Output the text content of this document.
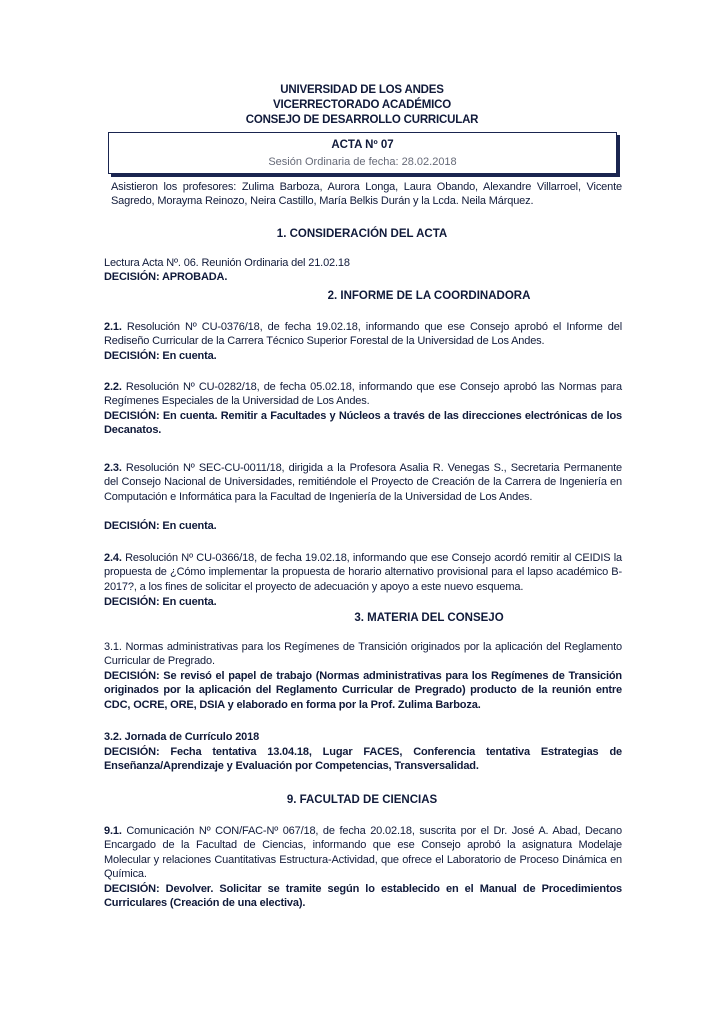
UNIVERSIDAD DE LOS ANDES
VICERRECTORADO ACADÉMICO
CONSEJO DE DESARROLLO CURRICULAR
ACTA Nº 07
Sesión Ordinaria de fecha: 28.02.2018
Asistieron los profesores: Zulima Barboza, Aurora Longa, Laura Obando, Alexandre Villarroel, Vicente Sagredo, Morayma Reinozo, Neira Castillo, María Belkis Durán y la Lcda. Neila Márquez.
1. CONSIDERACIÓN DEL ACTA
Lectura Acta Nº. 06. Reunión Ordinaria del 21.02.18
DECISIÓN: APROBADA.
2. INFORME DE LA COORDINADORA
2.1. Resolución Nº CU-0376/18, de fecha 19.02.18, informando que ese Consejo aprobó el Informe del Rediseño Curricular de la Carrera Técnico Superior Forestal de la Universidad de Los Andes.
DECISIÓN: En cuenta.
2.2. Resolución Nº CU-0282/18, de fecha 05.02.18, informando que ese Consejo aprobó las Normas para Regímenes Especiales de la Universidad de Los Andes.
DECISIÓN: En cuenta. Remitir a Facultades y Núcleos a través de las direcciones electrónicas de los Decanatos.
2.3. Resolución Nº SEC-CU-0011/18, dirigida a la Profesora Asalia R. Venegas S., Secretaria Permanente del Consejo Nacional de Universidades, remitiéndole el Proyecto de Creación de la Carrera de Ingeniería en Computación e Informática para la Facultad de Ingeniería de la Universidad de Los Andes.
DECISIÓN: En cuenta.
2.4. Resolución Nº CU-0366/18, de fecha 19.02.18, informando que ese Consejo acordó remitir al CEIDIS la propuesta de ¿Cómo implementar la propuesta de horario alternativo provisional para el lapso académico B-2017?, a los fines de solicitar el proyecto de adecuación y apoyo a este nuevo esquema.
DECISIÓN: En cuenta.
3. MATERIA DEL CONSEJO
3.1. Normas administrativas para los Regímenes de Transición originados por la aplicación del Reglamento Curricular de Pregrado.
DECISIÓN: Se revisó el papel de trabajo (Normas administrativas para los Regímenes de Transición originados por la aplicación del Reglamento Curricular de Pregrado) producto de la reunión entre CDC, OCRE, ORE, DSIA y elaborado en forma por la Prof. Zulima Barboza.
3.2. Jornada de Currículo 2018
DECISIÓN: Fecha tentativa 13.04.18, Lugar FACES, Conferencia tentativa Estrategias de Enseñanza/Aprendizaje y Evaluación por Competencias, Transversalidad.
9. FACULTAD DE CIENCIAS
9.1. Comunicación Nº CON/FAC-Nº 067/18, de fecha 20.02.18, suscrita por el Dr. José A. Abad, Decano Encargado de la Facultad de Ciencias, informando que ese Consejo aprobó la asignatura Modelaje Molecular y relaciones Cuantitativas Estructura-Actividad, que ofrece el Laboratorio de Proceso Dinámica en Química.
DECISIÓN: Devolver. Solicitar se tramite según lo establecido en el Manual de Procedimientos Curriculares (Creación de una electiva).
